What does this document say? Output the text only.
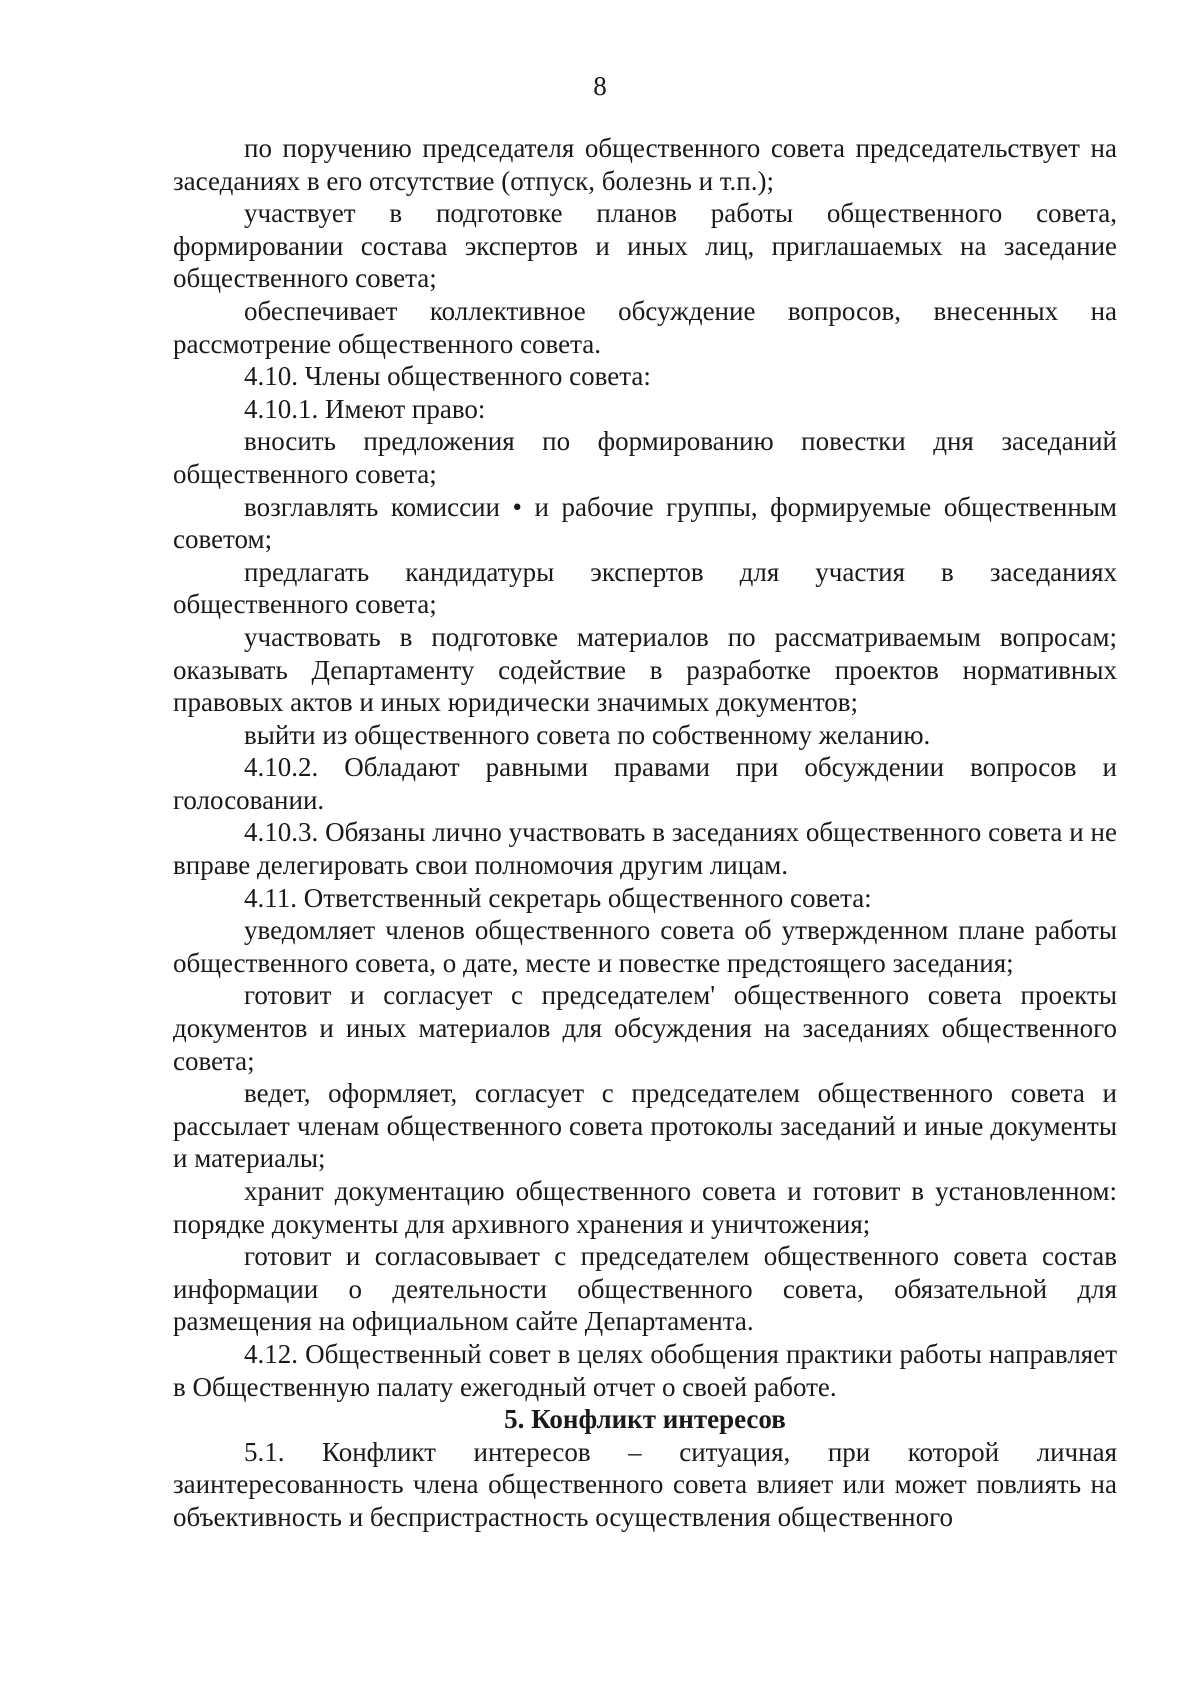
8

по поручению председателя общественного совета председательствует на заседаниях в его отсутствие (отпуск, болезнь и т.п.);

участвует в подготовке планов работы общественного совета, формировании состава экспертов и иных лиц, приглашаемых на заседание общественного совета;

обеспечивает коллективное обсуждение вопросов, внесенных на рассмотрение общественного совета.

4.10. Члены общественного совета:

4.10.1. Имеют право:

вносить предложения по формированию повестки дня заседаний общественного совета;

возглавлять комиссии • и рабочие группы, формируемые общественным советом;

предлагать кандидатуры экспертов для участия в заседаниях общественного совета;

участвовать в подготовке материалов по рассматриваемым вопросам; оказывать Департаменту содействие в разработке проектов нормативных правовых актов и иных юридически значимых документов;

выйти из общественного совета по собственному желанию.

4.10.2. Обладают равными правами при обсуждении вопросов и голосовании.

4.10.3. Обязаны лично участвовать в заседаниях общественного совета и не вправе делегировать свои полномочия другим лицам.

4.11. Ответственный секретарь общественного совета:

уведомляет членов общественного совета об утвержденном плане работы общественного совета, о дате, месте и повестке предстоящего заседания;

готовит и согласует с председателем' общественного совета проекты документов и иных материалов для обсуждения на заседаниях общественного совета;

ведет, оформляет, согласует с председателем общественного совета и рассылает членам общественного совета протоколы заседаний и иные документы и материалы;

хранит документацию общественного совета и готовит в установленном: порядке документы для архивного хранения и уничтожения;

готовит и согласовывает с председателем общественного совета состав информации о деятельности общественного совета, обязательной для размещения на официальном сайте Департамента.

4.12. Общественный совет в целях обобщения практики работы направляет в Общественную палату ежегодный отчет о своей работе.

5. Конфликт интересов

5.1. Конфликт интересов – ситуация, при которой личная заинтересованность члена общественного совета влияет или может повлиять на объективность и беспристрастность осуществления общественного
